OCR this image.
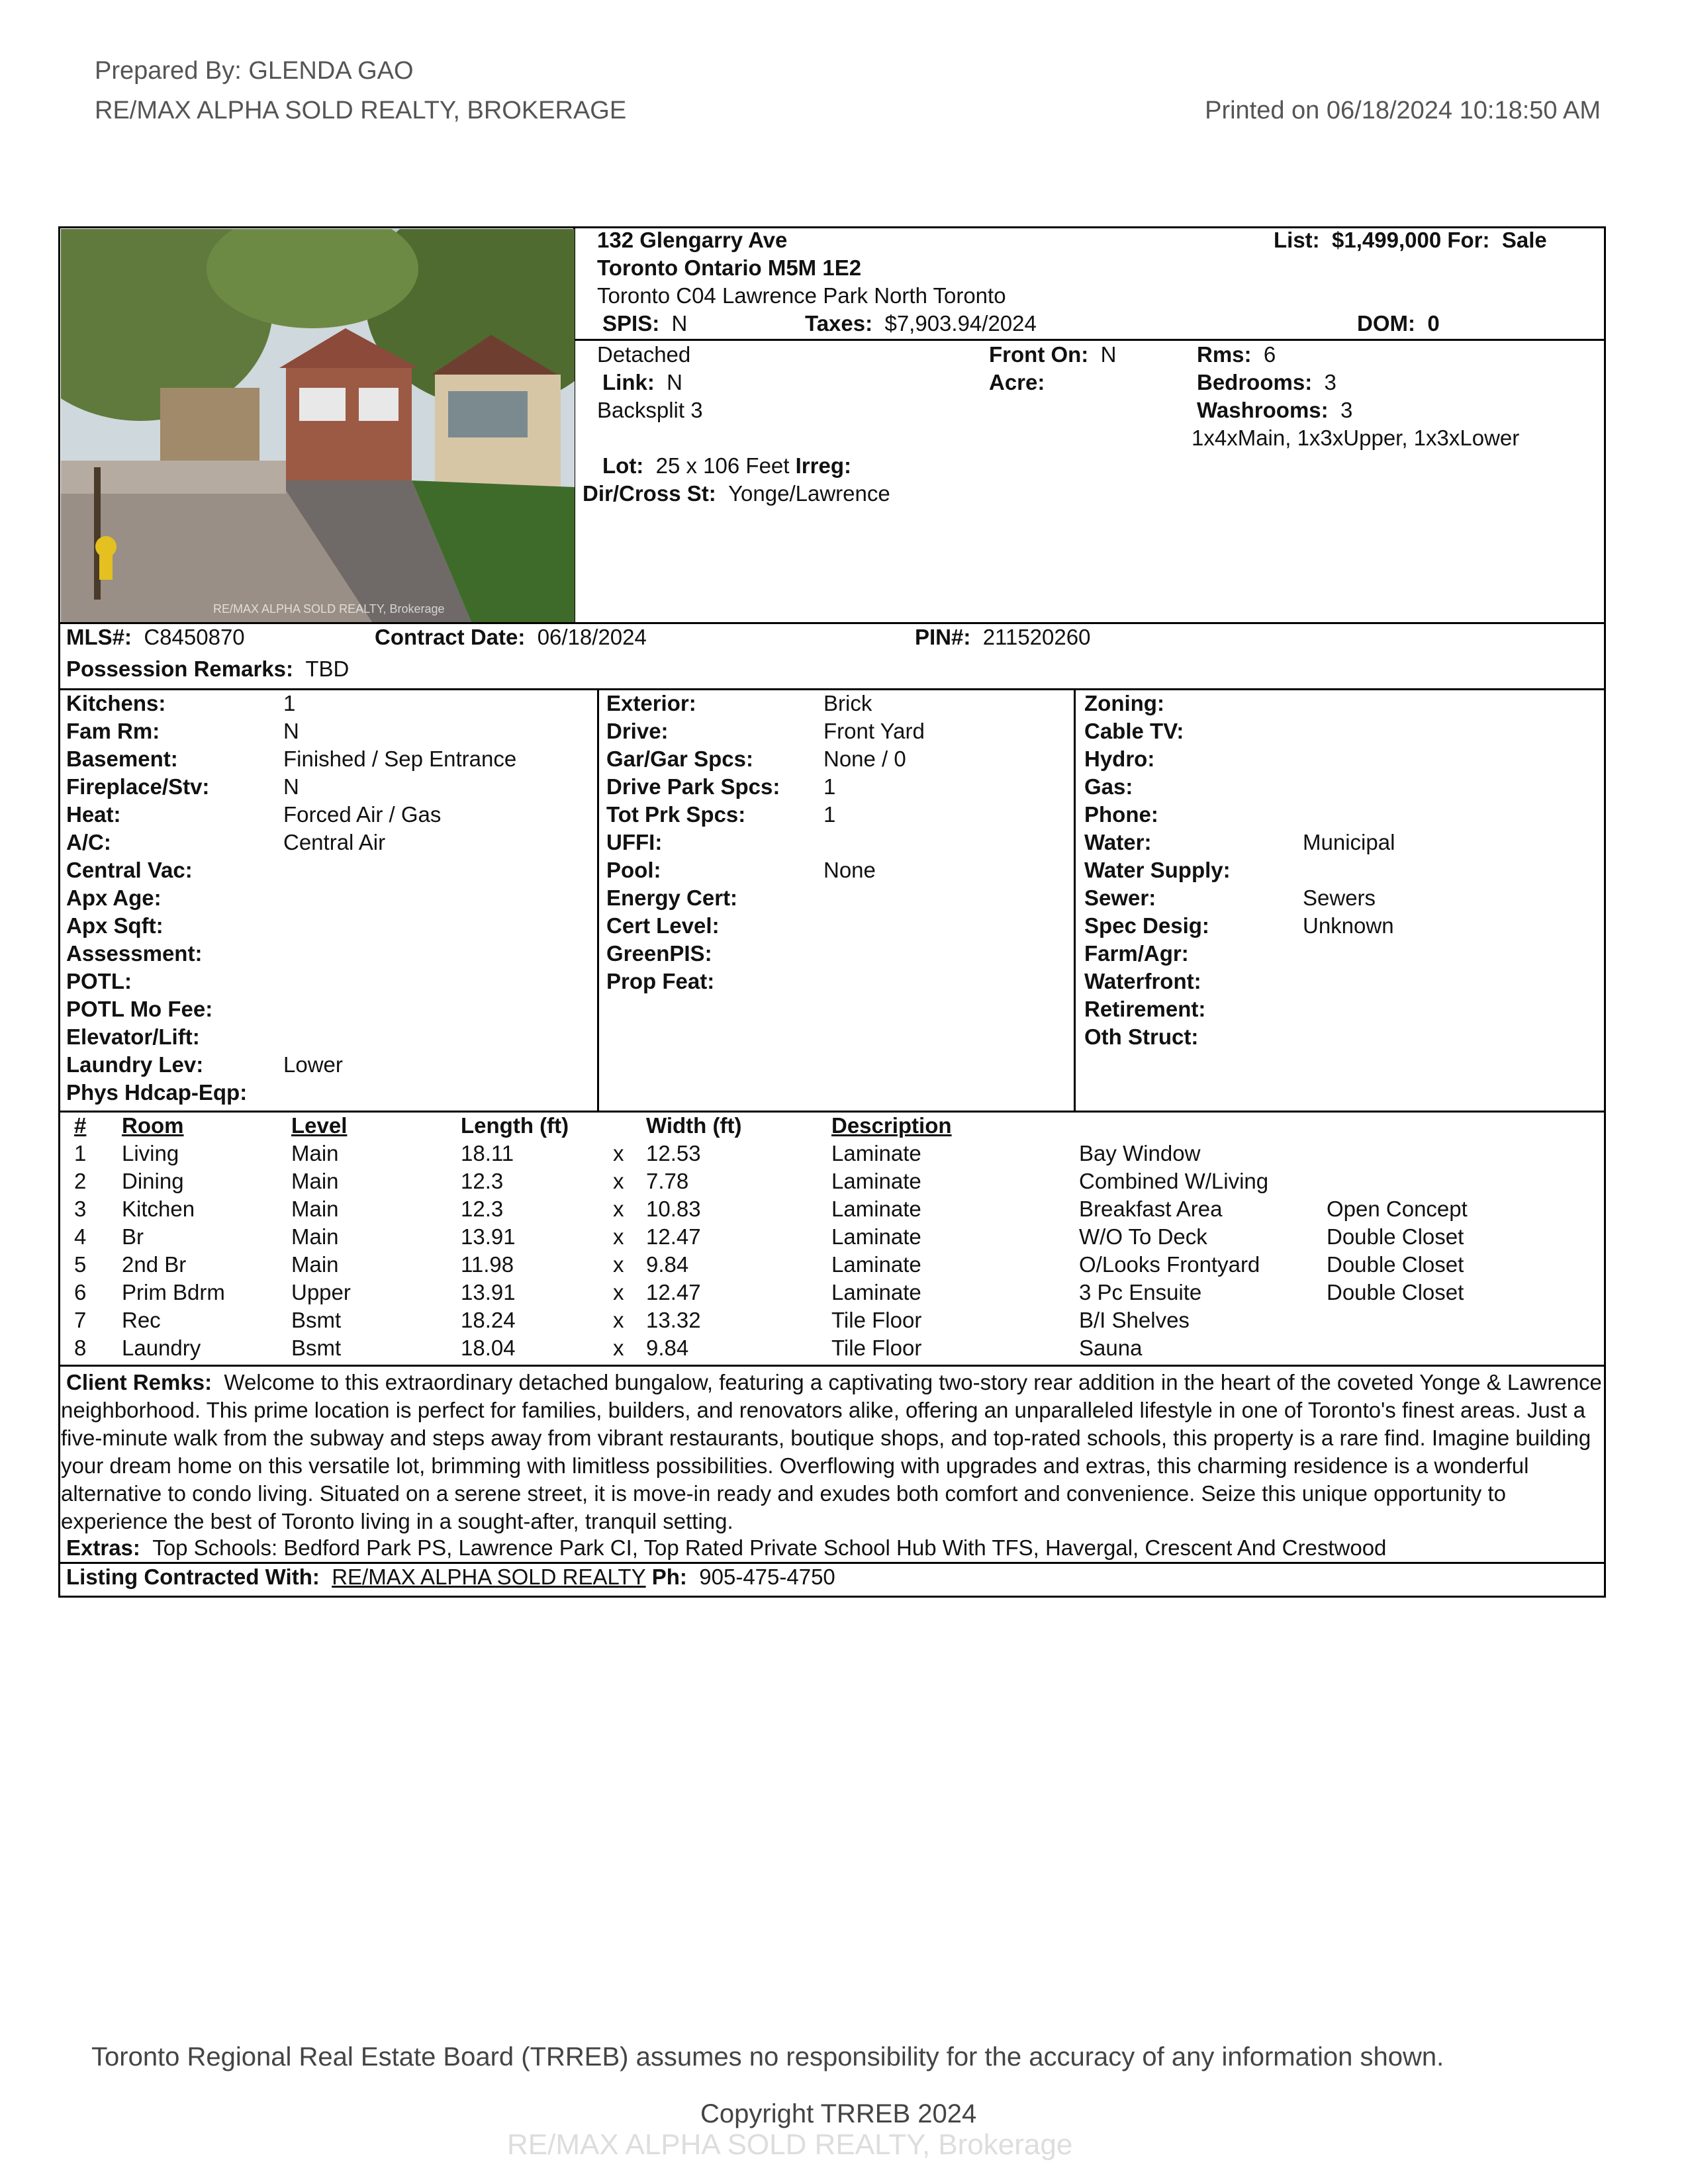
Prepared By: GLENDA GAO
RE/MAX ALPHA SOLD REALTY, BROKERAGE	Printed on 06/18/2024 10:18:50 AM
RE/MAX ALPHA SOLD REALTY, Brokerage
132 Glengarry Ave
Toronto Ontario M5M 1E2
Toronto C04 Lawrence Park North Toronto
List: $1,499,000 For: Sale
SPIS: N	Taxes: $7,903.94/2024	DOM: 0
Detached
Link: N
Backsplit 3
Front On: N
Acre:
Rms: 6
Bedrooms: 3
Washrooms: 3
1x4xMain, 1x3xUpper, 1x3xLower
Lot: 25 x 106 Feet Irreg:
Dir/Cross St: Yonge/Lawrence
MLS#: C8450870	Contract Date: 06/18/2024	PIN#: 211520260
Possession Remarks: TBD
Kitchens:	1
Fam Rm:	N
Basement:	Finished / Sep Entrance
Fireplace/Stv:	N
Heat:	Forced Air / Gas
A/C:	Central Air
Central Vac:
Apx Age:
Apx Sqft:
Assessment:
POTL:
POTL Mo Fee:
Elevator/Lift:
Laundry Lev:	Lower
Phys Hdcap-Eqp:
Exterior:	Brick
Drive:	Front Yard
Gar/Gar Spcs:	None / 0
Drive Park Spcs: 1
Tot Prk Spcs:	1
UFFI:
Pool:	None
Energy Cert:
Cert Level:
GreenPIS:
Prop Feat:
Zoning:
Cable TV:
Hydro:
Gas:
Phone:
Water:	Municipal
Water Supply:
Sewer:	Sewers
Spec Desig:	Unknown
Farm/Agr:
Waterfront:
Retirement:
Oth Struct:
# Room	Level	Length (ft)	Width (ft)	Description
1 Living	Main	18.11	x 12.53	Laminate	Bay Window
2 Dining	Main	12.3	x 7.78	Laminate	Combined W/Living
3 Kitchen	Main	12.3	x 10.83	Laminate	Breakfast Area	Open Concept
4 Br	Main	13.91	x 12.47	Laminate	W/O To Deck	Double Closet
5 2nd Br	Main	11.98	x 9.84	Laminate	O/Looks Frontyard	Double Closet
6 Prim Bdrm	Upper	13.91	x 12.47	Laminate	3 Pc Ensuite	Double Closet
7 Rec	Bsmt	18.24	x 13.32	Tile Floor	B/I Shelves
8 Laundry	Bsmt	18.04	x 9.84	Tile Floor	Sauna
Client Remks: Welcome to this extraordinary detached bungalow, featuring a captivating two-story rear addition in the heart of the coveted Yonge & Lawrence neighborhood. This prime location is perfect for families, builders, and renovators alike, offering an unparalleled lifestyle in one of Toronto's finest areas. Just a five-minute walk from the subway and steps away from vibrant restaurants, boutique shops, and top-rated schools, this property is a rare find. Imagine building your dream home on this versatile lot, brimming with limitless possibilities. Overflowing with upgrades and extras, this charming residence is a wonderful alternative to condo living. Situated on a serene street, it is move-in ready and exudes both comfort and convenience. Seize this unique opportunity to experience the best of Toronto living in a sought-after, tranquil setting.
Extras: Top Schools: Bedford Park PS, Lawrence Park CI, Top Rated Private School Hub With TFS, Havergal, Crescent And Crestwood
Listing Contracted With: RE/MAX ALPHA SOLD REALTY Ph: 905-475-4750
Toronto Regional Real Estate Board (TRREB) assumes no responsibility for the accuracy of any information shown.
Copyright TRREB 2024
RE/MAX ALPHA SOLD REALTY, Brokerage
